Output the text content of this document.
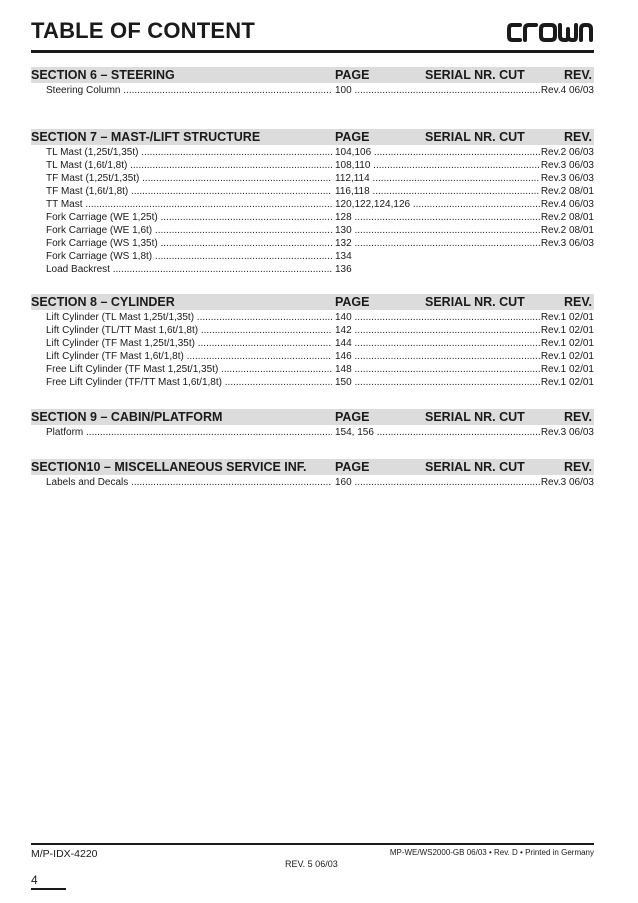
TABLE OF CONTENT
SECTION 6 – STEERING	PAGE	SERIAL NR. CUT	REV.
Steering Column .....	100 .....	Rev.4 06/03
SECTION 7 – MAST-/LIFT STRUCTURE	PAGE	SERIAL NR. CUT	REV.
TL Mast (1,25t/1,35t) .....	104,106 .....	Rev.2 06/03
TL Mast (1,6t/1,8t) .....	108,110 .....	Rev.3 06/03
TF Mast (1,25t/1,35t) .....	112,114 .....	Rev.3 06/03
TF Mast (1,6t/1,8t) .....	116,118 .....	Rev.2 08/01
TT Mast .....	120,122,124,126 .....	Rev.4 06/03
Fork Carriage (WE 1,25t) .....	128 .....	Rev.2 08/01
Fork Carriage (WE 1,6t) .....	130 .....	Rev.2 08/01
Fork Carriage (WS 1,35t) .....	132 .....	Rev.3 06/03
Fork Carriage (WS 1,8t) .....	134
Load Backrest .....	136
SECTION 8 – CYLINDER	PAGE	SERIAL NR. CUT	REV.
Lift Cylinder (TL Mast 1,25t/1,35t) .....	140 .....	Rev.1 02/01
Lift Cylinder (TL/TT Mast 1,6t/1,8t) .....	142 .....	Rev.1 02/01
Lift Cylinder (TF Mast 1,25t/1,35t) .....	144 .....	Rev.1 02/01
Lift Cylinder (TF Mast 1,6t/1,8t) .....	146 .....	Rev.1 02/01
Free Lift Cylinder (TF Mast 1,25t/1,35t) .....	148 .....	Rev.1 02/01
Free Lift Cylinder (TF/TT Mast 1,6t/1,8t) .....	150 .....	Rev.1 02/01
SECTION 9 – CABIN/PLATFORM	PAGE	SERIAL NR. CUT	REV.
Platform .....	154, 156 .....	Rev.3 06/03
SECTION10 – MISCELLANEOUS SERVICE INF. PAGE	SERIAL NR. CUT	REV.
Labels and Decals .....	160 .....	Rev.3 06/03
M/P-IDX-4220	MP-WE/WS2000-GB 06/03 • Rev. D • Printed in Germany
REV. 5 06/03
4
